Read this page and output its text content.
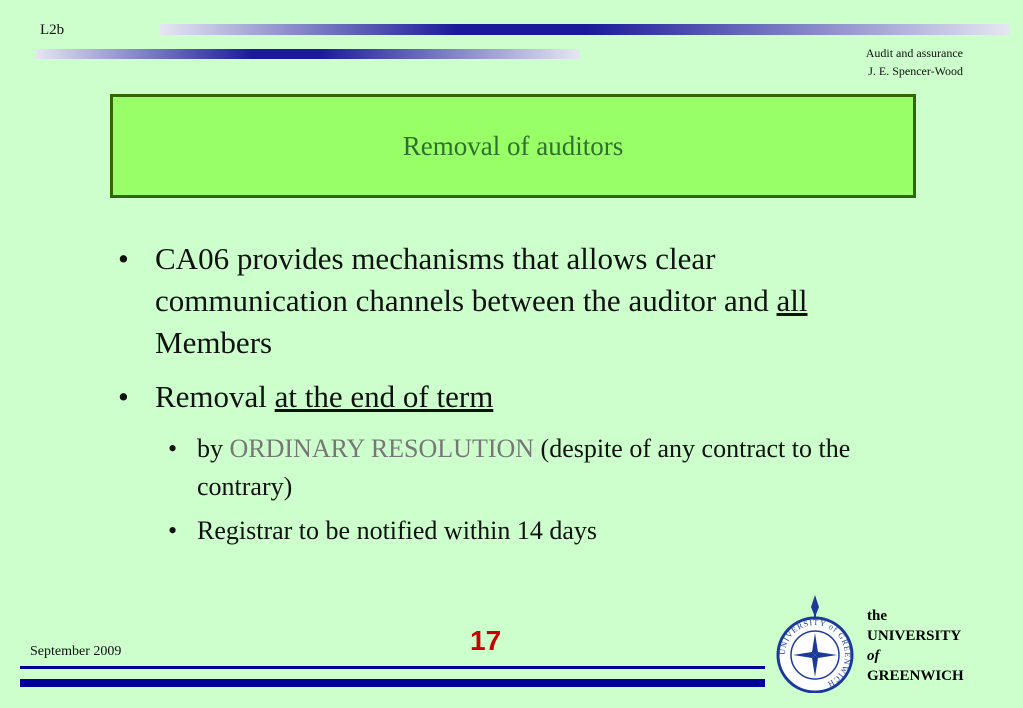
L2b
Audit and assurance
J. E. Spencer-Wood
Removal of auditors
• CA06 provides mechanisms that allows clear communication channels between the auditor and all Members
• Removal at the end of term
• by ORDINARY RESOLUTION (despite of any contract to the contrary)
• Registrar to be notified within 14 days
September 2009	17	UNIVERSITY of GREENWICH
the
UNIVERSITY
of
GREENWICH
